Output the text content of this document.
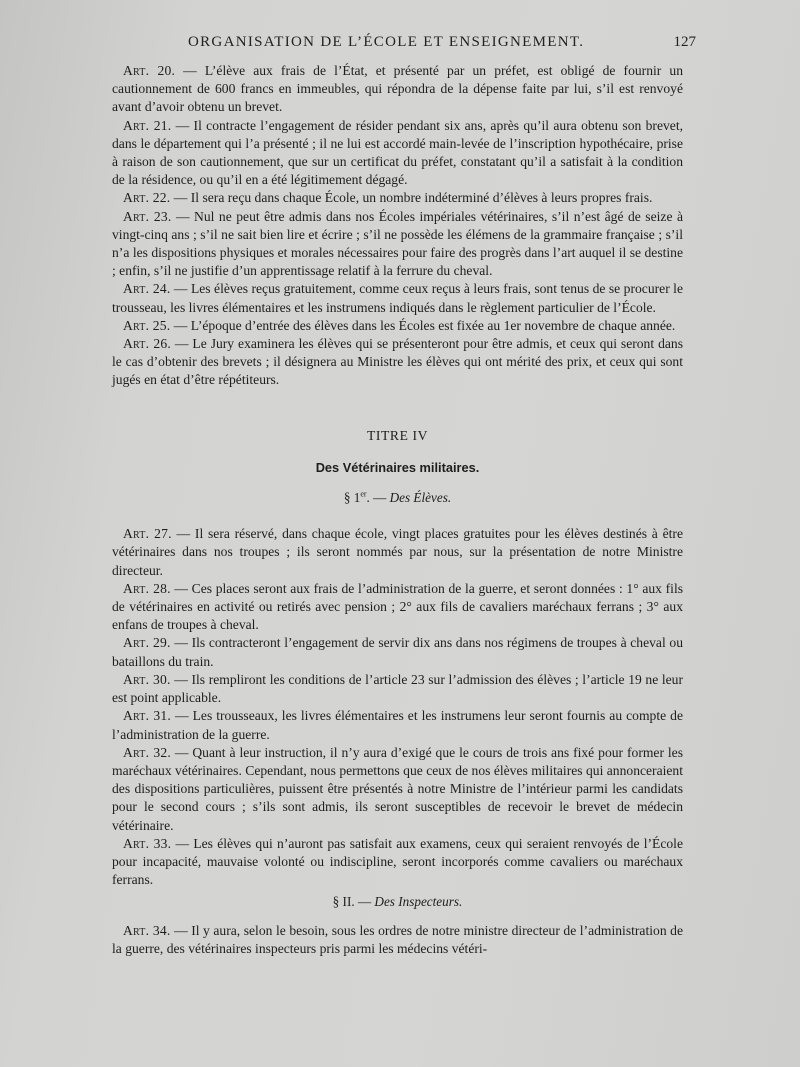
ORGANISATION DE L’ÉCOLE ET ENSEIGNEMENT.	127

Art. 20. — L’élève aux frais de l’État, et présenté par un préfet, est obligé de fournir un cautionnement de 600 francs en immeubles, qui répondra de la dépense faite par lui, s’il est renvoyé avant d’avoir obtenu un brevet.

Art. 21. — Il contracte l’engagement de résider pendant six ans, après qu’il aura obtenu son brevet, dans le département qui l’a présenté ; il ne lui est accordé main-levée de l’inscription hypothécaire, prise à raison de son cautionnement, que sur un certificat du préfet, constatant qu’il a satisfait à la condition de la résidence, ou qu’il en a été légitimement dégagé.

Art. 22. — Il sera reçu dans chaque École, un nombre indéterminé d’élèves à leurs propres frais.

Art. 23. — Nul ne peut être admis dans nos Écoles impériales vétérinaires, s’il n’est âgé de seize à vingt-cinq ans ; s’il ne sait bien lire et écrire ; s’il ne possède les élémens de la grammaire française ; s’il n’a les dispositions physiques et morales nécessaires pour faire des progrès dans l’art auquel il se destine ; enfin, s’il ne justifie d’un apprentissage relatif à la ferrure du cheval.

Art. 24. — Les élèves reçus gratuitement, comme ceux reçus à leurs frais, sont tenus de se procurer le trousseau, les livres élémentaires et les instrumens indiqués dans le règlement particulier de l’École.

Art. 25. — L’époque d’entrée des élèves dans les Écoles est fixée au 1er novembre de chaque année.

Art. 26. — Le Jury examinera les élèves qui se présenteront pour être admis, et ceux qui seront dans le cas d’obtenir des brevets ; il désignera au Ministre les élèves qui ont mérité des prix, et ceux qui sont jugés en état d’être répétiteurs.

TITRE IV

Des Vétérinaires militaires.

§ 1er. — Des Élèves.

Art. 27. — Il sera réservé, dans chaque école, vingt places gratuites pour les élèves destinés à être vétérinaires dans nos troupes ; ils seront nommés par nous, sur la présentation de notre Ministre directeur.

Art. 28. — Ces places seront aux frais de l’administration de la guerre, et seront données : 1° aux fils de vétérinaires en activité ou retirés avec pension ; 2° aux fils de cavaliers maréchaux ferrans ; 3° aux enfans de troupes à cheval.

Art. 29. — Ils contracteront l’engagement de servir dix ans dans nos régimens de troupes à cheval ou bataillons du train.

Art. 30. — Ils rempliront les conditions de l’article 23 sur l’admission des élèves ; l’article 19 ne leur est point applicable.

Art. 31. — Les trousseaux, les livres élémentaires et les instrumens leur seront fournis au compte de l’administration de la guerre.

Art. 32. — Quant à leur instruction, il n’y aura d’exigé que le cours de trois ans fixé pour former les maréchaux vétérinaires. Cependant, nous permettons que ceux de nos élèves militaires qui annonceraient des dispositions particulières, puissent être présentés à notre Ministre de l’intérieur parmi les candidats pour le second cours ; s’ils sont admis, ils seront susceptibles de recevoir le brevet de médecin vétérinaire.

Art. 33. — Les élèves qui n’auront pas satisfait aux examens, ceux qui seraient renvoyés de l’École pour incapacité, mauvaise volonté ou indiscipline, seront incorporés comme cavaliers ou maréchaux ferrans.

§ II. — Des Inspecteurs.

Art. 34. — Il y aura, selon le besoin, sous les ordres de notre ministre directeur de l’administration de la guerre, des vétérinaires inspecteurs pris parmi les médecins vétéri-
